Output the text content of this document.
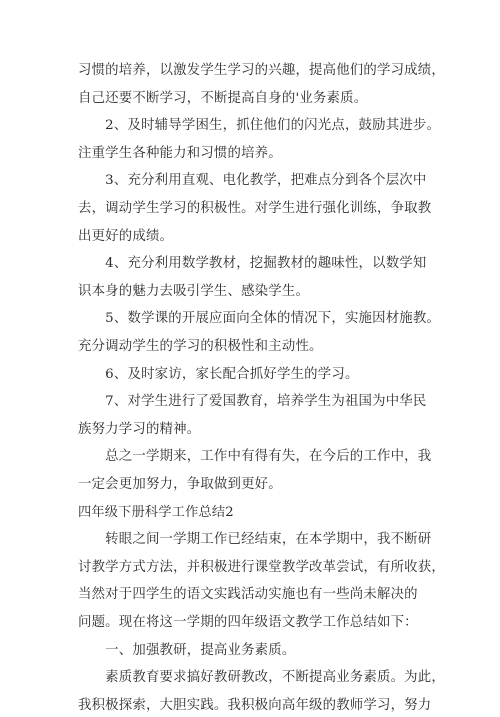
习惯的培养，以激发学生学习的兴趣，提高他们的学习成绩，
自己还要不断学习，不断提高自身的'业务素质。
　　2、及时辅导学困生，抓住他们的闪光点，鼓励其进步。
注重学生各种能力和习惯的培养。
　　3、充分利用直观、电化教学，把难点分到各个层次中
去，调动学生学习的积极性。对学生进行强化训练，争取教
出更好的成绩。
　　4、充分利用数学教材，挖掘教材的趣味性，以数学知
识本身的魅力去吸引学生、感染学生。
　　5、数学课的开展应面向全体的情况下，实施因材施教。
充分调动学生的学习的积极性和主动性。
　　6、及时家访，家长配合抓好学生的学习。
　　7、对学生进行了爱国教育，培养学生为祖国为中华民
族努力学习的精神。
　　总之一学期来，工作中有得有失，在今后的工作中，我
一定会更加努力，争取做到更好。
四年级下册科学工作总结2
　　转眼之间一学期工作已经结束，在本学期中，我不断研
讨教学方式方法，并积极进行课堂教学改革尝试，有所收获，
当然对于四学生的语文实践活动实施也有一些尚未解决的
问题。现在将这一学期的四年级语文教学工作总结如下：
　　一、加强教研，提高业务素质。
　　素质教育要求搞好教研教改，不断提高业务素质。为此，
我积极探索，大胆实践。我积极向高年级的教师学习，努力
